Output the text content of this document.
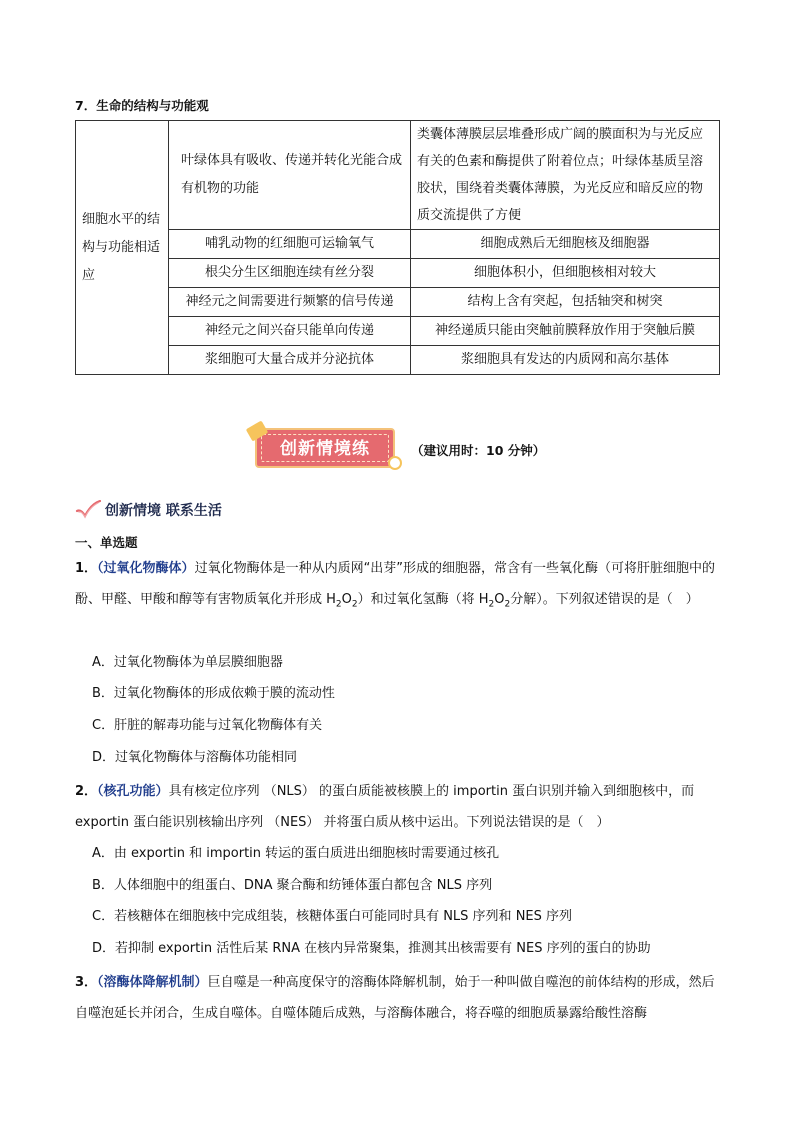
7．生命的结构与功能观
细胞水平的结构与功能相适应	叶绿体具有吸收、传递并转化光能合成有机物的功能	类囊体薄膜层层堆叠形成广阔的膜面积为与光反应有关的色素和酶提供了附着位点；叶绿体基质呈溶胶状，围绕着类囊体薄膜，为光反应和暗反应的物质交流提供了方便
	哺乳动物的红细胞可运输氧气	细胞成熟后无细胞核及细胞器
	根尖分生区细胞连续有丝分裂	细胞体积小，但细胞核相对较大
	神经元之间需要进行频繁的信号传递	结构上含有突起，包括轴突和树突
	神经元之间兴奋只能单向传递	神经递质只能由突触前膜释放作用于突触后膜
	浆细胞可大量合成并分泌抗体	浆细胞具有发达的内质网和高尔基体
创新情境练	（建议用时：10 分钟）
创新情境 联系生活
一、单选题
1．（过氧化物酶体）过氧化物酶体是一种从内质网“出芽”形成的细胞器，常含有一些氧化酶（可将肝脏细胞中的酚、甲醛、甲酸和醇等有害物质氧化并形成 $H_2O_2$）和过氧化氢酶（将 $H_2O_2$分解）。下列叙述错误的是（　）
A．过氧化物酶体为单层膜细胞器
B．过氧化物酶体的形成依赖于膜的流动性
C．肝脏的解毒功能与过氧化物酶体有关
D．过氧化物酶体与溶酶体功能相同
2．（核孔功能）具有核定位序列 （NLS） 的蛋白质能被核膜上的 importin 蛋白识别并输入到细胞核中，而 exportin 蛋白能识别核输出序列 （NES） 并将蛋白质从核中运出。下列说法错误的是（　）
A．由 exportin 和 importin 转运的蛋白质进出细胞核时需要通过核孔
B．人体细胞中的组蛋白、DNA 聚合酶和纺锤体蛋白都包含 NLS 序列
C．若核糖体在细胞核中完成组装，核糖体蛋白可能同时具有 NLS 序列和 NES 序列
D．若抑制 exportin 活性后某 RNA 在核内异常聚集，推测其出核需要有 NES 序列的蛋白的协助
3．（溶酶体降解机制）巨自噬是一种高度保守的溶酶体降解机制，始于一种叫做自噬泡的前体结构的形成，然后自噬泡延长并闭合，生成自噬体。自噬体随后成熟，与溶酶体融合，将吞噬的细胞质暴露给酸性溶酶
